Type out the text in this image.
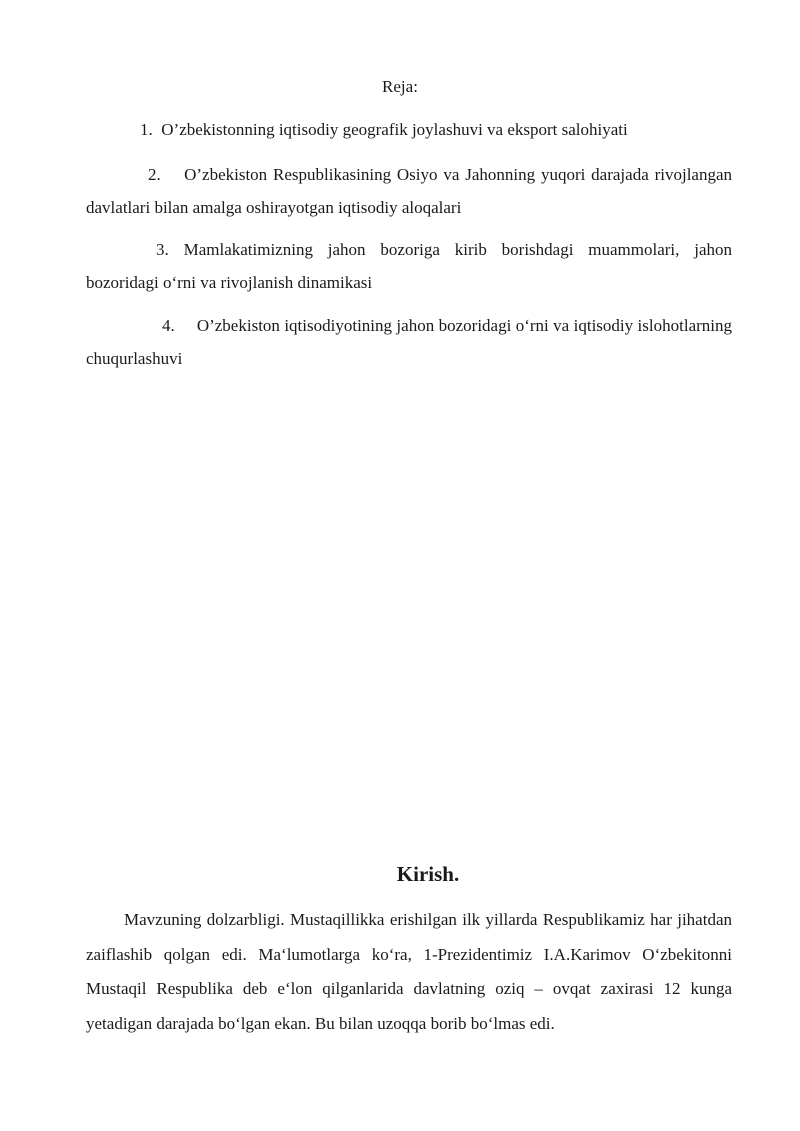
Reja:
1. O’zbekistonning iqtisodiy geografik joylashuvi va eksport salohiyati
2. O’zbekiston Respublikasining Osiyo va Jahonning yuqori darajada rivojlangan davlatlari bilan amalga oshirayotgan iqtisodiy aloqalari
3. Mamlakatimizning jahon bozoriga kirib borishdagi muammolari, jahon bozoridagi o‘rni va rivojlanish dinamikasi
4. O’zbekiston iqtisodiyotining jahon bozoridagi o‘rni va iqtisodiy islohotlarning chuqurlashuvi
Kirish.

Mavzuning dolzarbligi. Mustaqillikka erishilgan ilk yillarda Respublikamiz har jihatdan zaiflashib qolgan edi. Ma‘lumotlarga ko‘ra, 1-Prezidentimiz I.A.Karimov O‘zbekitonni Mustaqil Respublika deb e‘lon qilganlarida davlatning oziq – ovqat zaxirasi 12 kunga yetadigan darajada bo‘lgan ekan. Bu bilan uzoqqa borib bo‘lmas edi.
